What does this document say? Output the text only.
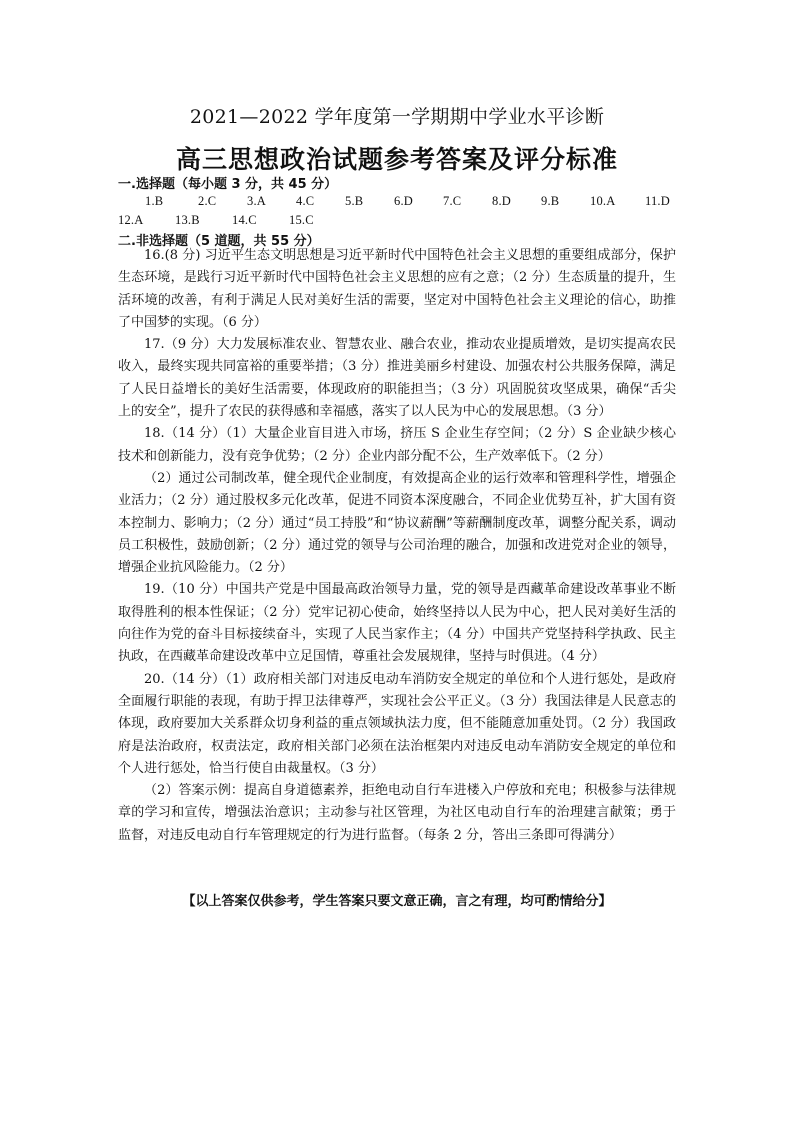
2021—2022 学年度第一学期期中学业水平诊断
高三思想政治试题参考答案及评分标准
一.选择题（每小题 3 分，共 45 分）
1.B	2.C 3.A 4.C 5.B 6.D 7.C 8.D 9.B 10.A 11.D
12.A	13.B	14.C	15.C
二.非选择题（5 道题，共 55 分）

16.(8 分) 习近平生态文明思想是习近平新时代中国特色社会主义思想的重要组成部分，保护生态环境，是践行习近平新时代中国特色社会主义思想的应有之意；（2 分）生态质量的提升，生活环境的改善，有利于满足人民对美好生活的需要，坚定对中国特色社会主义理论的信心，助推了中国梦的实现。（6 分）

17.（9 分）大力发展标准农业、智慧农业、融合农业，推动农业提质增效，是切实提高农民收入，最终实现共同富裕的重要举措；（3 分）推进美丽乡村建设、加强农村公共服务保障，满足了人民日益增长的美好生活需要，体现政府的职能担当；（3 分）巩固脱贫攻坚成果，确保“舌尖上的安全”，提升了农民的获得感和幸福感，落实了以人民为中心的发展思想。（3 分）

18.（14 分）（1）大量企业盲目进入市场，挤压 S 企业生存空间；（2 分）S 企业缺少核心技术和创新能力，没有竞争优势；（2 分）企业内部分配不公，生产效率低下。（2 分）

（2）通过公司制改革，健全现代企业制度，有效提高企业的运行效率和管理科学性，增强企业活力；（2 分）通过股权多元化改革，促进不同资本深度融合，不同企业优势互补，扩大国有资本控制力、影响力；（2 分）通过“员工持股”和“协议薪酬”等薪酬制度改革，调整分配关系，调动员工积极性，鼓励创新；（2 分）通过党的领导与公司治理的融合，加强和改进党对企业的领导，增强企业抗风险能力。（2 分）

19.（10 分）中国共产党是中国最高政治领导力量，党的领导是西藏革命建设改革事业不断取得胜利的根本性保证；（2 分）党牢记初心使命，始终坚持以人民为中心，把人民对美好生活的向往作为党的奋斗目标接续奋斗，实现了人民当家作主；（4 分）中国共产党坚持科学执政、民主执政，在西藏革命建设改革中立足国情，尊重社会发展规律，坚持与时俱进。（4 分）

20.（14 分）（1）政府相关部门对违反电动车消防安全规定的单位和个人进行惩处，是政府全面履行职能的表现，有助于捍卫法律尊严，实现社会公平正义。（3 分）我国法律是人民意志的体现，政府要加大关系群众切身利益的重点领域执法力度，但不能随意加重处罚。（2 分）我国政府是法治政府，权责法定，政府相关部门必须在法治框架内对违反电动车消防安全规定的单位和个人进行惩处，恰当行使自由裁量权。（3 分）

（2）答案示例：提高自身道德素养，拒绝电动自行车进楼入户停放和充电；积极参与法律规章的学习和宣传，增强法治意识；主动参与社区管理，为社区电动自行车的治理建言献策；勇于监督，对违反电动自行车管理规定的行为进行监督。（每条 2 分，答出三条即可得满分）

【以上答案仅供参考，学生答案只要文意正确，言之有理，均可酌情给分】
